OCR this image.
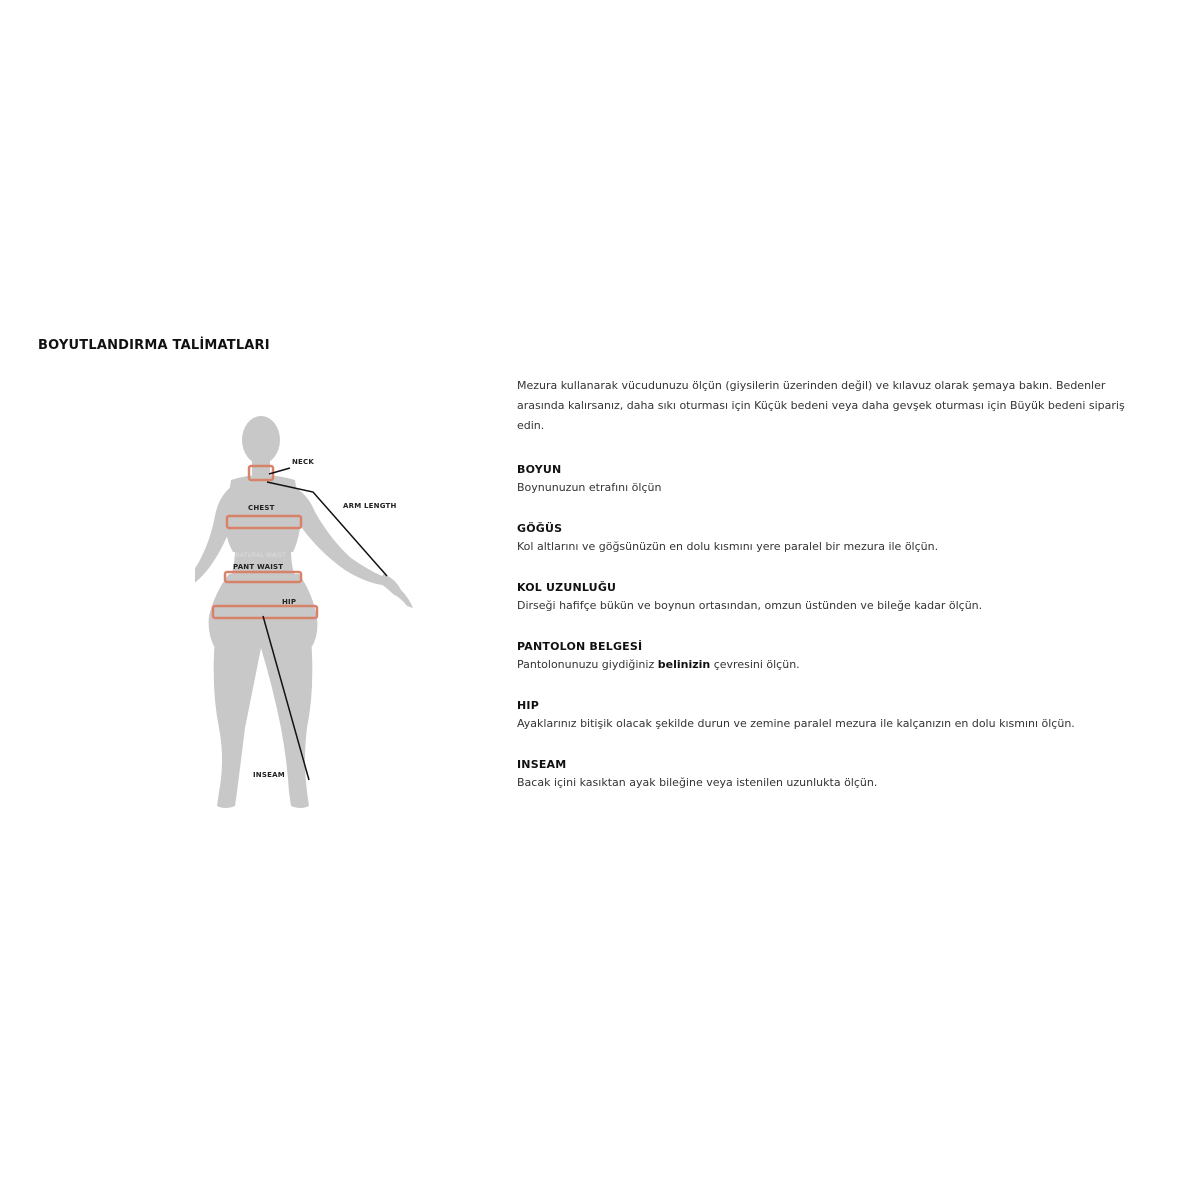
BOYUTLANDIRMA TALİMATLARI
NECK
CHEST	ARM LENGTH
NATURAL WAIST
PANT WAIST
HIP
INSEAM

Mezura kullanarak vücudunuzu ölçün (giysilerin üzerinden değil) ve kılavuz olarak şemaya bakın. Bedenler arasında kalırsanız, daha sıkı oturması için Küçük bedeni veya daha gevşek oturması için Büyük bedeni sipariş edin.

BOYUN
Boynunuzun etrafını ölçün
GÖĞÜS
Kol altlarını ve göğsünüzün en dolu kısmını yere paralel bir mezura ile ölçün.
KOL UZUNLUĞU
Dirseği hafifçe bükün ve boynun ortasından, omzun üstünden ve bileğe kadar ölçün.
PANTOLON BELGESİ
Pantolonunuzu giydiğiniz belinizin çevresini ölçün.
HIP
Ayaklarınız bitişik olacak şekilde durun ve zemine paralel mezura ile kalçanızın en dolu kısmını ölçün.
INSEAM
Bacak içini kasıktan ayak bileğine veya istenilen uzunlukta ölçün.
